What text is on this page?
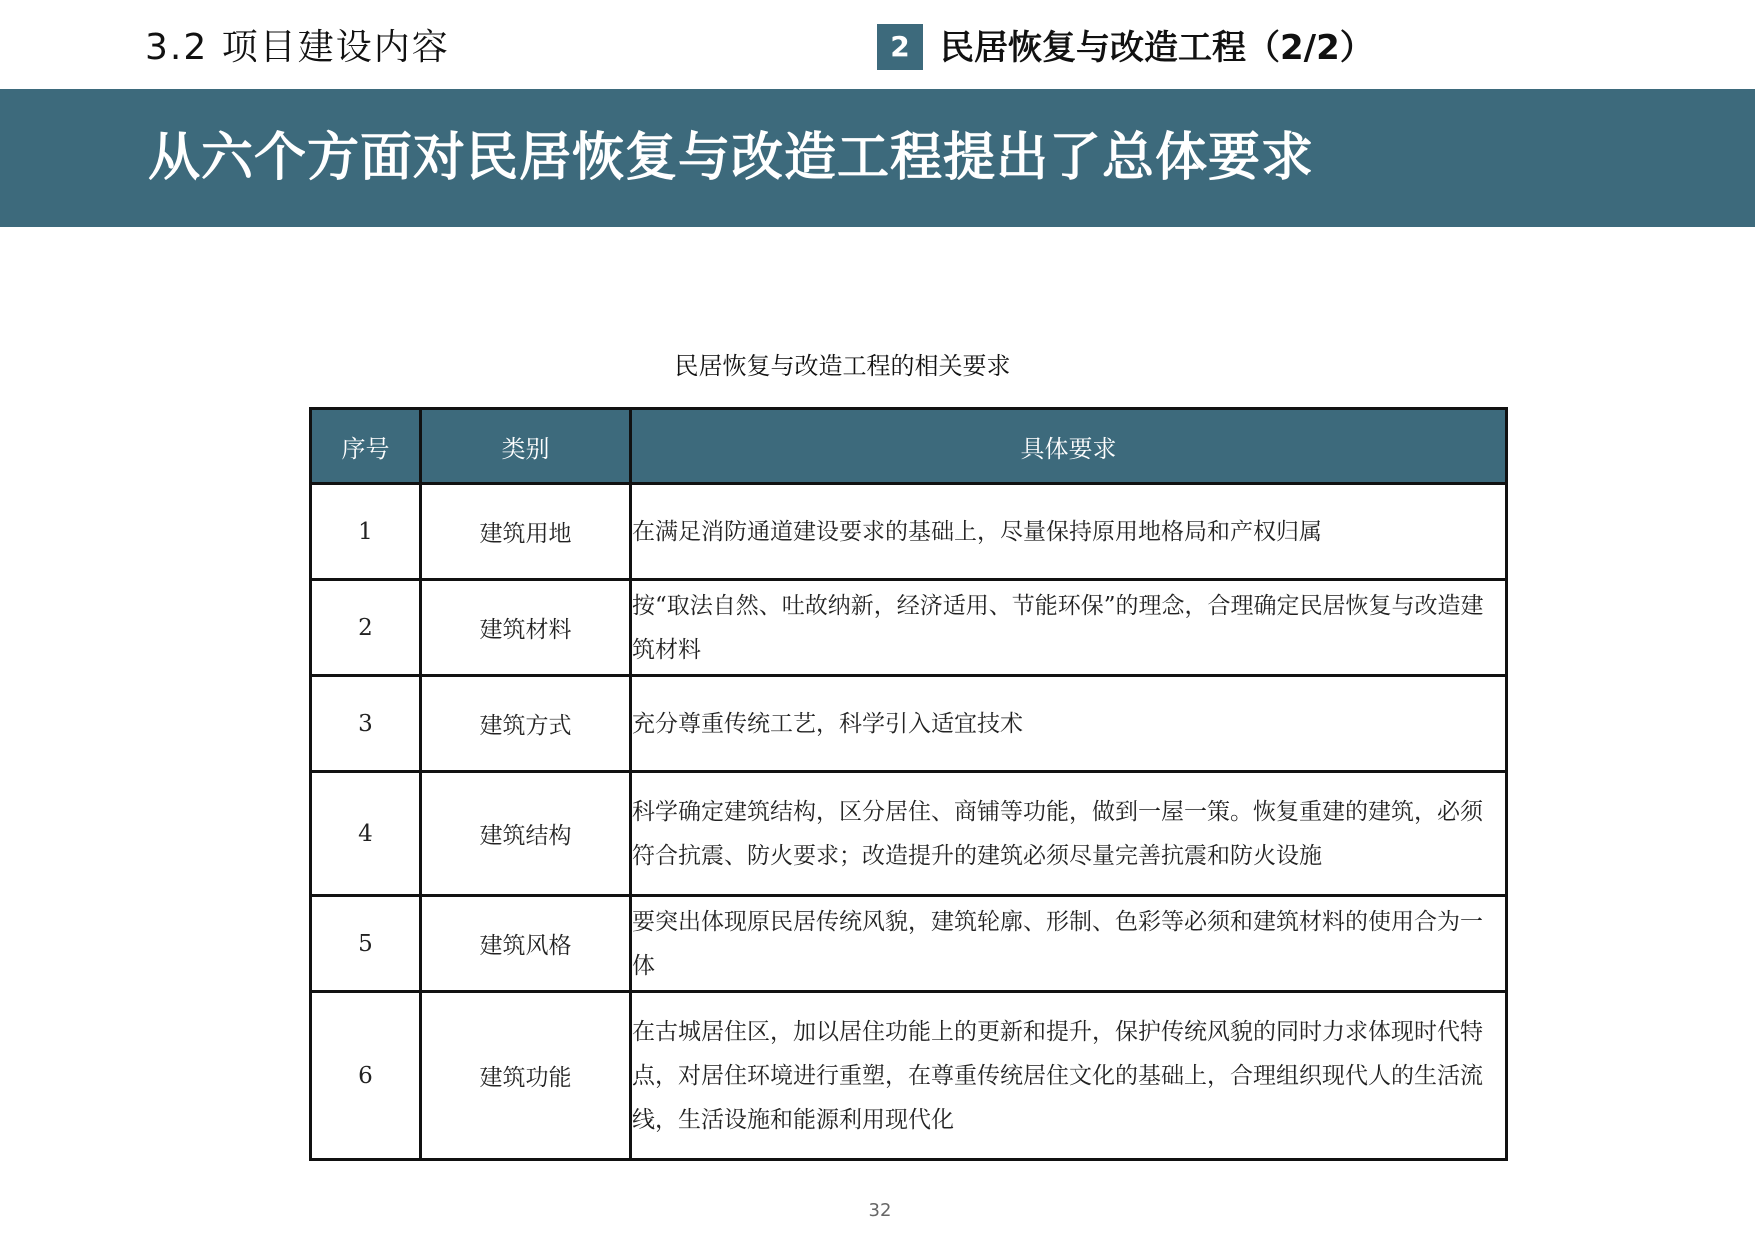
3.2 项目建设内容	2 民居恢复与改造工程（2/2）
从六个方面对民居恢复与改造工程提出了总体要求
民居恢复与改造工程的相关要求
序号	类别	具体要求
1	建筑用地	在满足消防通道建设要求的基础上，尽量保持原用地格局和产权归属
2	建筑材料	按“取法自然、吐故纳新，经济适用、节能环保”的理念，合理确定民居恢复与改造建筑材料
3	建筑方式	充分尊重传统工艺，科学引入适宜技术
4	建筑结构	科学确定建筑结构，区分居住、商铺等功能，做到一屋一策。恢复重建的建筑，必须符合抗震、防火要求；改造提升的建筑必须尽量完善抗震和防火设施
5	建筑风格	要突出体现原民居传统风貌，建筑轮廓、形制、色彩等必须和建筑材料的使用合为一体
6	建筑功能	在古城居住区，加以居住功能上的更新和提升，保护传统风貌的同时力求体现时代特点，对居住环境进行重塑，在尊重传统居住文化的基础上，合理组织现代人的生活流线，生活设施和能源利用现代化
32
